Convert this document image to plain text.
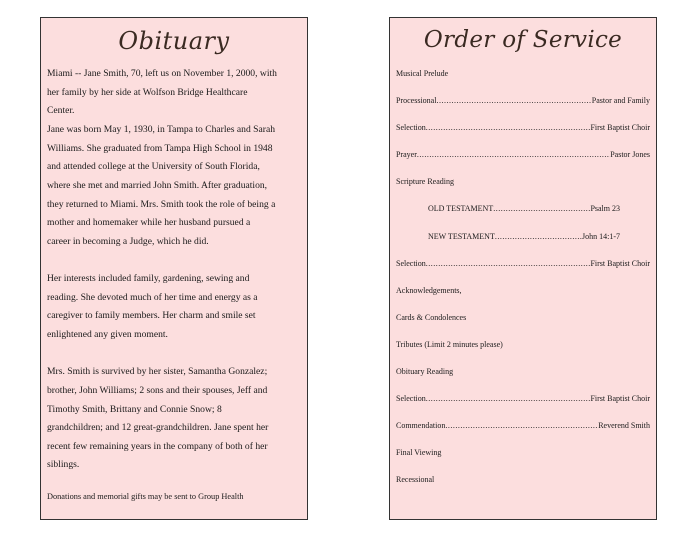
Obituary
Miami -- Jane Smith, 70, left us on November 1, 2000, with
her family by her side at Wolfson Bridge Healthcare
Center.
Jane was born May 1, 1930, in Tampa to Charles and Sarah
Williams. She graduated from Tampa High School in 1948
and attended college at the University of South Florida,
where she met and married John Smith. After graduation,
they returned to Miami. Mrs. Smith took the role of being a
mother and homemaker while her husband pursued a
career in becoming a Judge, which he did.
Her interests included family, gardening, sewing and
reading. She devoted much of her time and energy as a
caregiver to family members. Her charm and smile set
enlightened any given moment.
Mrs. Smith is survived by her sister, Samantha Gonzalez;
brother, John Williams; 2 sons and their spouses, Jeff and
Timothy Smith, Brittany and Connie Snow; 8
grandchildren; and 12 great-grandchildren. Jane spent her
recent few remaining years in the company of both of her
siblings.
Donations and memorial gifts may be sent to Group Health
Order of Service
Musical Prelude
Processional .....	Pastor and Family
Selection .....	First Baptist Choir
Prayer .....	Pastor Jones
Scripture Reading
OLD TESTAMENT .....	Psalm 23
NEW TESTAMENT .....	John 14:1-7
Selection .....	First Baptist Choir
Acknowledgements,
Cards & Condolences
Tributes (Limit 2 minutes please)
Obituary Reading
Selection .....	First Baptist Choir
Commendation .....	Reverend Smith
Final Viewing
Recessional
